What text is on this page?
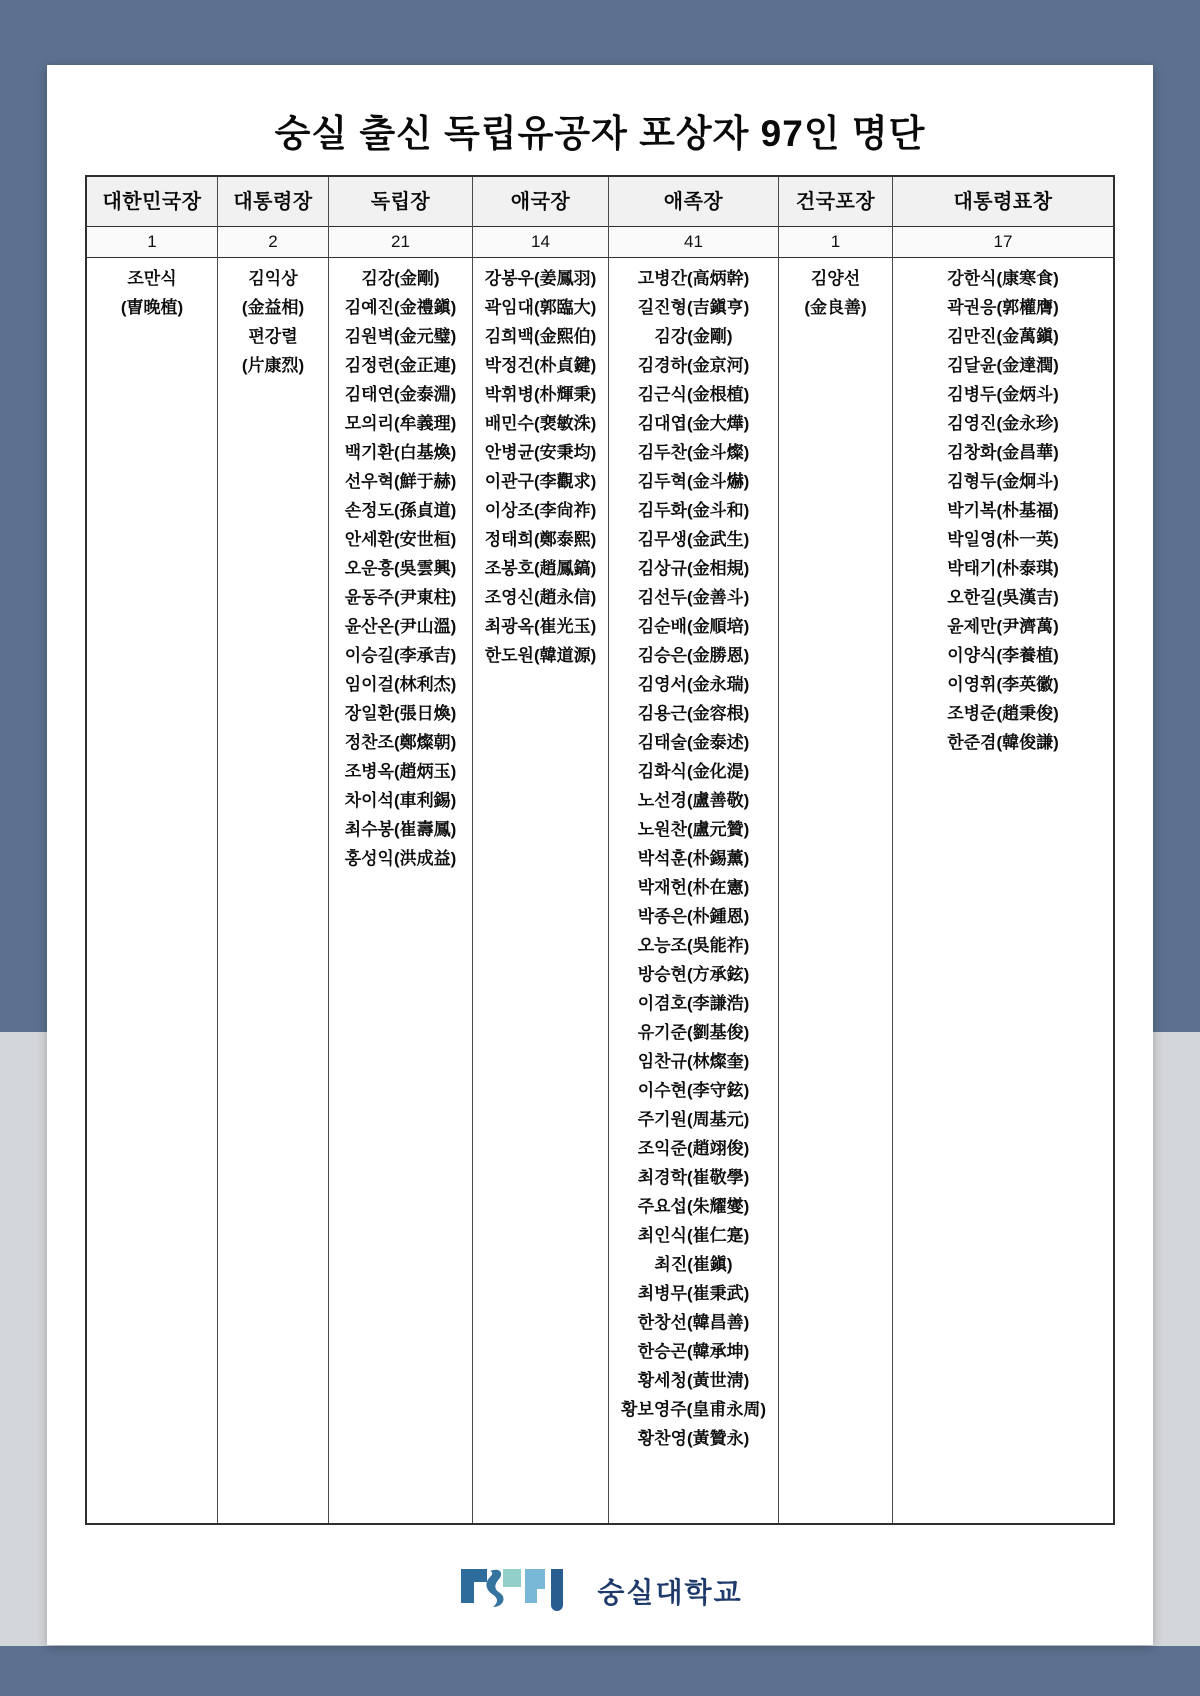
숭실 출신 독립유공자 포상자 97인 명단
대한민국장
1
조만식
(曺晚植)
대통령장
2
김익상
(金益相)
편강렬
(片康烈)
독립장
21
김강(金剛)
김예진(金禮鎭)
김원벽(金元璧)
김정련(金正連)
김태연(金泰淵)
모의리(牟義理)
백기환(白基煥)
선우혁(鮮于赫)
손정도(孫貞道)
안세환(安世桓)
오운흥(吳雲興)
윤동주(尹東柱)
윤산온(尹山溫)
이승길(李承吉)
임이걸(林利杰)
장일환(張日煥)
정찬조(鄭燦朝)
조병옥(趙炳玉)
차이석(車利錫)
최수봉(崔壽鳳)
홍성익(洪成益)
애국장
14
강봉우(姜鳳羽)
곽임대(郭臨大)
김희백(金熙伯)
박정건(朴貞鍵)
박휘병(朴輝秉)
배민수(裵敏洙)
안병균(安秉均)
이관구(李觀求)
이상조(李尙祚)
정태희(鄭泰熙)
조봉호(趙鳳鎬)
조영신(趙永信)
최광옥(崔光玉)
한도원(韓道源)
애족장
41
고병간(高炳幹)
길진형(吉鎭亨)
김강(金剛)
김경하(金京河)
김근식(金根植)
김대엽(金大燁)
김두찬(金斗燦)
김두혁(金斗爀)
김두화(金斗和)
김무생(金武生)
김상규(金相規)
김선두(金善斗)
김순배(金順培)
김승은(金勝恩)
김영서(金永瑞)
김용근(金容根)
김태술(金泰述)
김화식(金化湜)
노선경(盧善敬)
노원찬(盧元贊)
박석훈(朴錫薰)
박재헌(朴在憲)
박종은(朴鍾恩)
오능조(吳能祚)
방승현(方承鉉)
이겸호(李謙浩)
유기준(劉基俊)
임찬규(林燦奎)
이수현(李守鉉)
주기원(周基元)
조익준(趙翊俊)
최경학(崔敬學)
주요섭(朱耀燮)
최인식(崔仁寔)
최진(崔鎭)
최병무(崔秉武)
한창선(韓昌善)
한승곤(韓承坤)
황세청(黃世淸)
황보영주(皇甫永周)
황찬영(黃贊永)
건국포장
1
김양선
(金良善)
대통령표창
17
강한식(康寒食)
곽권응(郭權膺)
김만진(金萬鎭)
김달윤(金達潤)
김병두(金炳斗)
김영진(金永珍)
김창화(金昌華)
김형두(金炯斗)
박기복(朴基福)
박일영(朴一英)
박태기(朴泰琪)
오한길(吳漢吉)
윤제만(尹濟萬)
이양식(李養植)
이영휘(李英徽)
조병준(趙秉俊)
한준겸(韓俊謙)
숭실대학교
